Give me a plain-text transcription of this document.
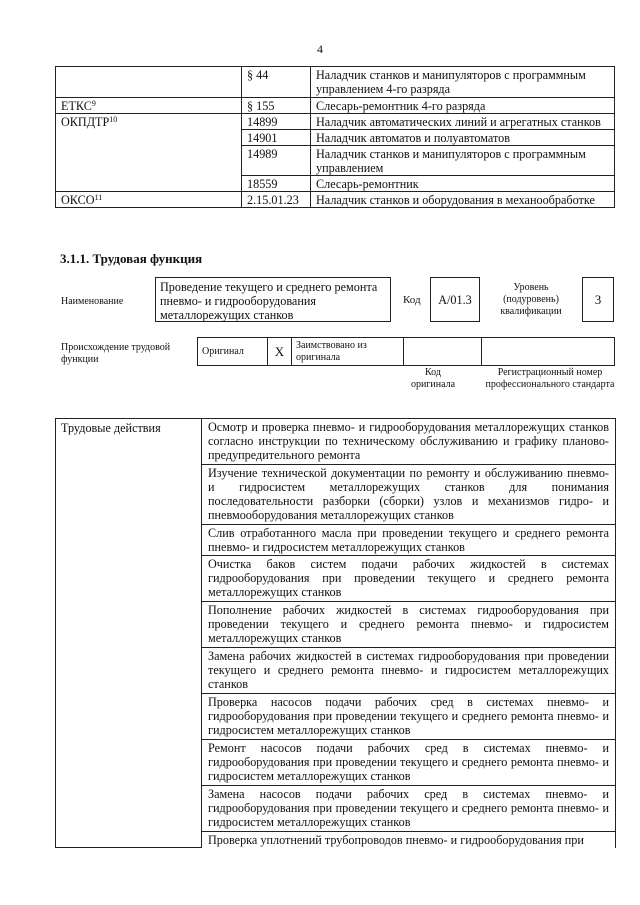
4
	§ 44	Наладчик станков и манипуляторов с программным управлением 4-го разряда
ЕТКС$^9$	§ 155	Слесарь-ремонтник 4-го разряда
ОКПДТР$^{10}$	14899	Наладчик автоматических линий и агрегатных станков
	14901	Наладчик автоматов и полуавтоматов
	14989	Наладчик станков и манипуляторов с программным управлением
	18559	Слесарь-ремонтник
ОКСО$^{11}$	2.15.01.23	Наладчик станков и оборудования в механообработке
3.1.1. Трудовая функция
Наименование
Проведение текущего и среднего ремонта пневмо- и гидрооборудования металлорежущих станков
Код	A/01.3
Уровень (подуровень) квалификации
3
Происхождение трудовой функции
Оригинал	X	Заимствовано из оригинала		
Код оригинала
Регистрационный номер профессионального стандарта
Трудовые действия	Осмотр и проверка пневмо- и гидрооборудования металлорежущих станков согласно инструкции по техническому обслуживанию и графику планово-предупредительного ремонта
Изучение технической документации по ремонту и обслуживанию пневмо- и гидросистем металлорежущих станков для понимания последовательности разборки (сборки) узлов и механизмов гидро- и пневмооборудования металлорежущих станков
Слив отработанного масла при проведении текущего и среднего ремонта пневмо- и гидросистем металлорежущих станков
Очистка баков систем подачи рабочих жидкостей в системах гидрооборудования при проведении текущего и среднего ремонта металлорежущих станков
Пополнение рабочих жидкостей в системах гидрооборудования при проведении текущего и среднего ремонта пневмо- и гидросистем металлорежущих станков
Замена рабочих жидкостей в системах гидрооборудования при проведении текущего и среднего ремонта пневмо- и гидросистем металлорежущих станков
Проверка насосов подачи рабочих сред в системах пневмо- и гидрооборудования при проведении текущего и среднего ремонта пневмо- и гидросистем металлорежущих станков
Ремонт насосов подачи рабочих сред в системах пневмо- и гидрооборудования при проведении текущего и среднего ремонта пневмо- и гидросистем металлорежущих станков
Замена насосов подачи рабочих сред в системах пневмо- и гидрооборудования при проведении текущего и среднего ремонта пневмо- и гидросистем металлорежущих станков
Проверка уплотнений трубопроводов пневмо- и гидрооборудования при
